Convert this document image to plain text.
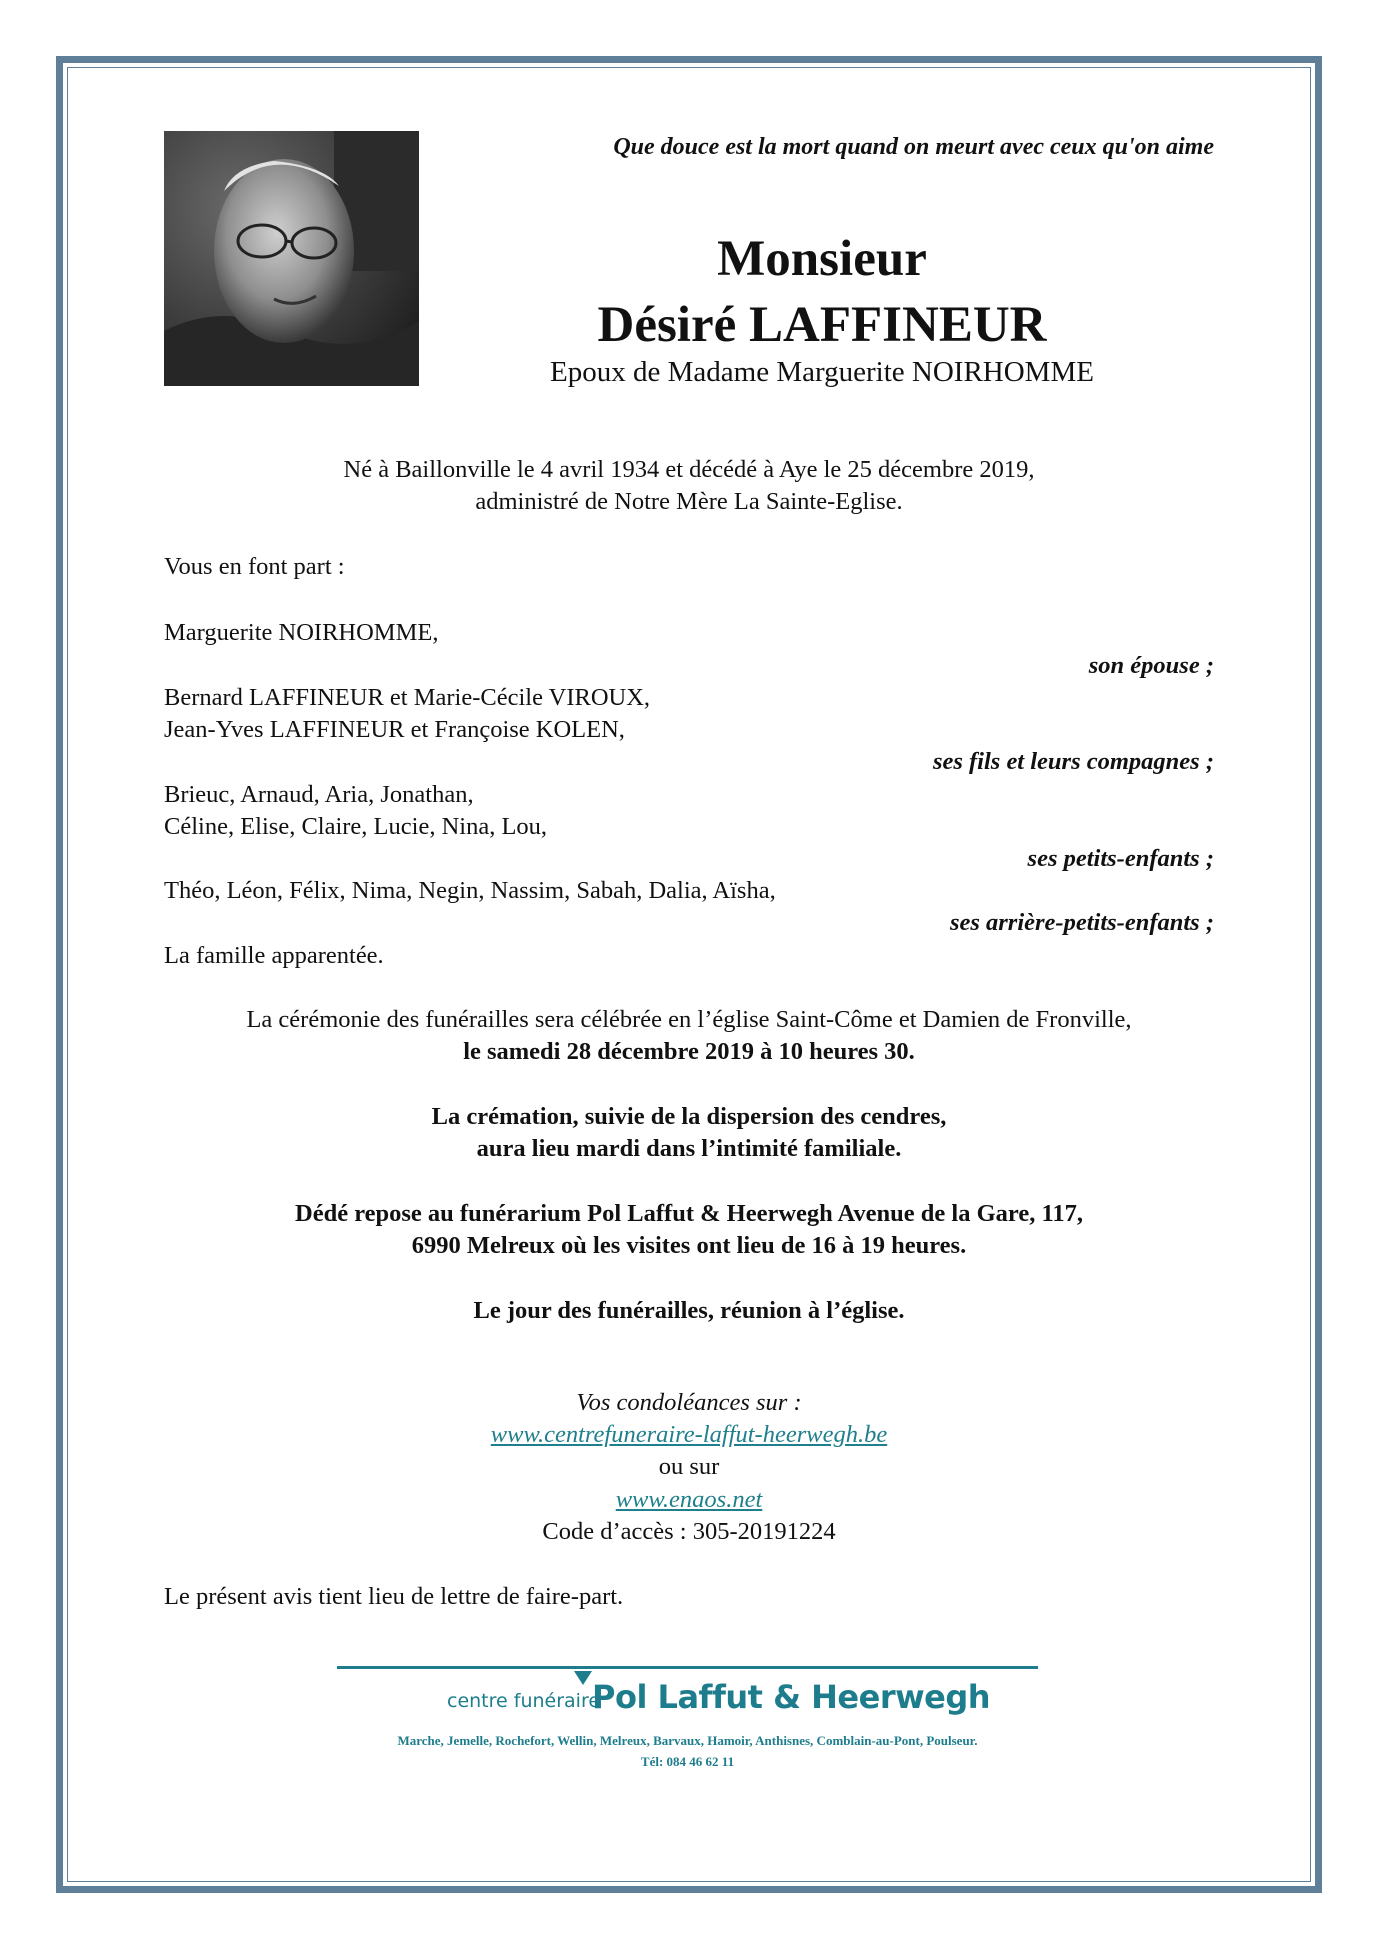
Que douce est la mort quand on meurt avec ceux qu'on aime
Monsieur
Désiré LAFFINEUR
Epoux de Madame Marguerite NOIRHOMME
Né à Baillonville le 4 avril 1934 et décédé à Aye le 25 décembre 2019,
administré de Notre Mère La Sainte-Eglise.
Vous en font part :
Marguerite NOIRHOMME,
son épouse ;
Bernard LAFFINEUR et Marie-Cécile VIROUX,
Jean-Yves LAFFINEUR et Françoise KOLEN,
ses fils et leurs compagnes ;
Brieuc, Arnaud, Aria, Jonathan,
Céline, Elise, Claire, Lucie, Nina, Lou,
ses petits-enfants ;
Théo, Léon, Félix, Nima, Negin, Nassim, Sabah, Dalia, Aïsha,
ses arrière-petits-enfants ;
La famille apparentée.
La cérémonie des funérailles sera célébrée en l’église Saint-Côme et Damien de Fronville,
le samedi 28 décembre 2019 à 10 heures 30.
La crémation, suivie de la dispersion des cendres,
aura lieu mardi dans l’intimité familiale.
Dédé repose au funérarium Pol Laffut & Heerwegh Avenue de la Gare, 117,
6990 Melreux où les visites ont lieu de 16 à 19 heures.
Le jour des funérailles, réunion à l’église.
Vos condoléances sur :
www.centrefuneraire-laffut-heerwegh.be
ou sur
www.enaos.net
Code d’accès : 305-20191224
Le présent avis tient lieu de lettre de faire-part.
centre funéraire
Pol Laffut & Heerwegh
Marche, Jemelle, Rochefort, Wellin, Melreux, Barvaux, Hamoir, Anthisnes, Comblain-au-Pont, Poulseur.
Tél: 084 46 62 11
